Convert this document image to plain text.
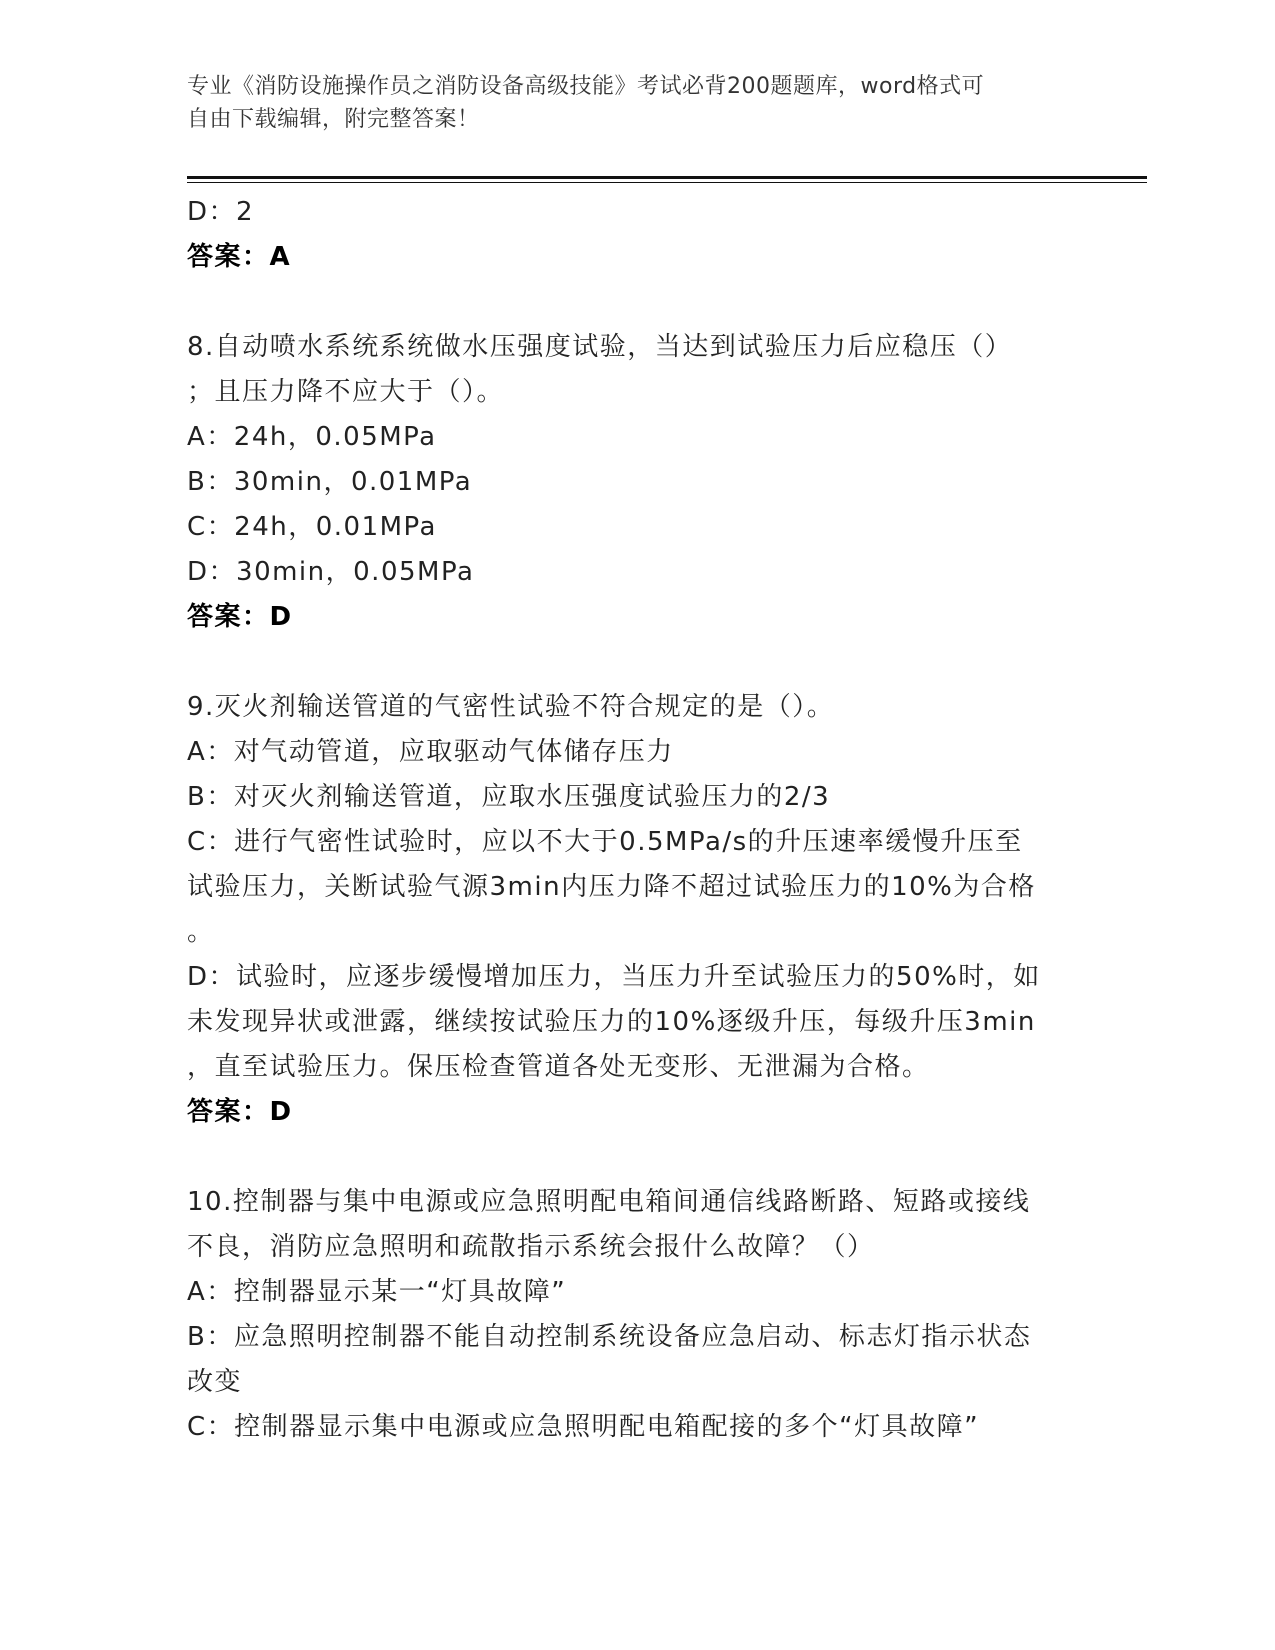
专业《消防设施操作员之消防设备高级技能》考试必背200题题库，word格式可
自由下载编辑，附完整答案！
D：2
答案：A
8.自动喷水系统系统做水压强度试验，当达到试验压力后应稳压（）
；且压力降不应大于（）。
A：24h，0.05MPa
B：30min，0.01MPa
C：24h，0.01MPa
D：30min，0.05MPa
答案：D
9.灭火剂输送管道的气密性试验不符合规定的是（）。
A：对气动管道，应取驱动气体储存压力
B：对灭火剂输送管道，应取水压强度试验压力的2/3
C：进行气密性试验时，应以不大于0.5MPa/s的升压速率缓慢升压至
试验压力，关断试验气源3min内压力降不超过试验压力的10%为合格
。
D：试验时，应逐步缓慢增加压力，当压力升至试验压力的50%时，如
未发现异状或泄露，继续按试验压力的10%逐级升压，每级升压3min
，直至试验压力。保压检查管道各处无变形、无泄漏为合格。
答案：D
10.控制器与集中电源或应急照明配电箱间通信线路断路、短路或接线
不良，消防应急照明和疏散指示系统会报什么故障？（）
A：控制器显示某一“灯具故障”
B：应急照明控制器不能自动控制系统设备应急启动、标志灯指示状态
改变
C：控制器显示集中电源或应急照明配电箱配接的多个“灯具故障”
